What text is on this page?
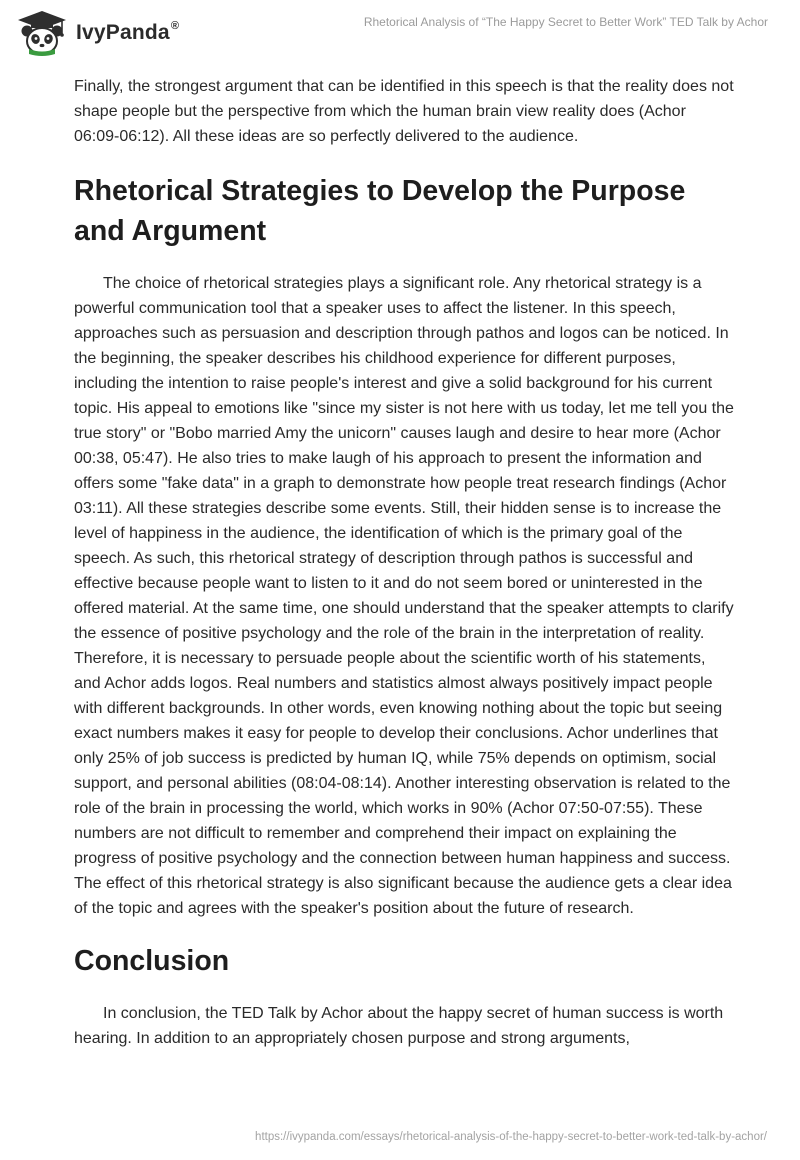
IvyPanda®	Rhetorical Analysis of “The Happy Secret to Better Work” TED Talk by Achor

Finally, the strongest argument that can be identified in this speech is that the reality does not shape people but the perspective from which the human brain view reality does (Achor 06:09-06:12). All these ideas are so perfectly delivered to the audience.

Rhetorical Strategies to Develop the Purpose and Argument

The choice of rhetorical strategies plays a significant role. Any rhetorical strategy is a powerful communication tool that a speaker uses to affect the listener. In this speech, approaches such as persuasion and description through pathos and logos can be noticed. In the beginning, the speaker describes his childhood experience for different purposes, including the intention to raise people's interest and give a solid background for his current topic. His appeal to emotions like "since my sister is not here with us today, let me tell you the true story" or "Bobo married Amy the unicorn" causes laugh and desire to hear more (Achor 00:38, 05:47). He also tries to make laugh of his approach to present the information and offers some "fake data" in a graph to demonstrate how people treat research findings (Achor 03:11). All these strategies describe some events. Still, their hidden sense is to increase the level of happiness in the audience, the identification of which is the primary goal of the speech. As such, this rhetorical strategy of description through pathos is successful and effective because people want to listen to it and do not seem bored or uninterested in the offered material. At the same time, one should understand that the speaker attempts to clarify the essence of positive psychology and the role of the brain in the interpretation of reality. Therefore, it is necessary to persuade people about the scientific worth of his statements, and Achor adds logos. Real numbers and statistics almost always positively impact people with different backgrounds. In other words, even knowing nothing about the topic but seeing exact numbers makes it easy for people to develop their conclusions. Achor underlines that only 25% of job success is predicted by human IQ, while 75% depends on optimism, social support, and personal abilities (08:04-08:14). Another interesting observation is related to the role of the brain in processing the world, which works in 90% (Achor 07:50-07:55). These numbers are not difficult to remember and comprehend their impact on explaining the progress of positive psychology and the connection between human happiness and success. The effect of this rhetorical strategy is also significant because the audience gets a clear idea of the topic and agrees with the speaker's position about the future of research.

Conclusion

In conclusion, the TED Talk by Achor about the happy secret of human success is worth hearing. In addition to an appropriately chosen purpose and strong arguments,

https://ivypanda.com/essays/rhetorical-analysis-of-the-happy-secret-to-better-work-ted-talk-by-achor/
